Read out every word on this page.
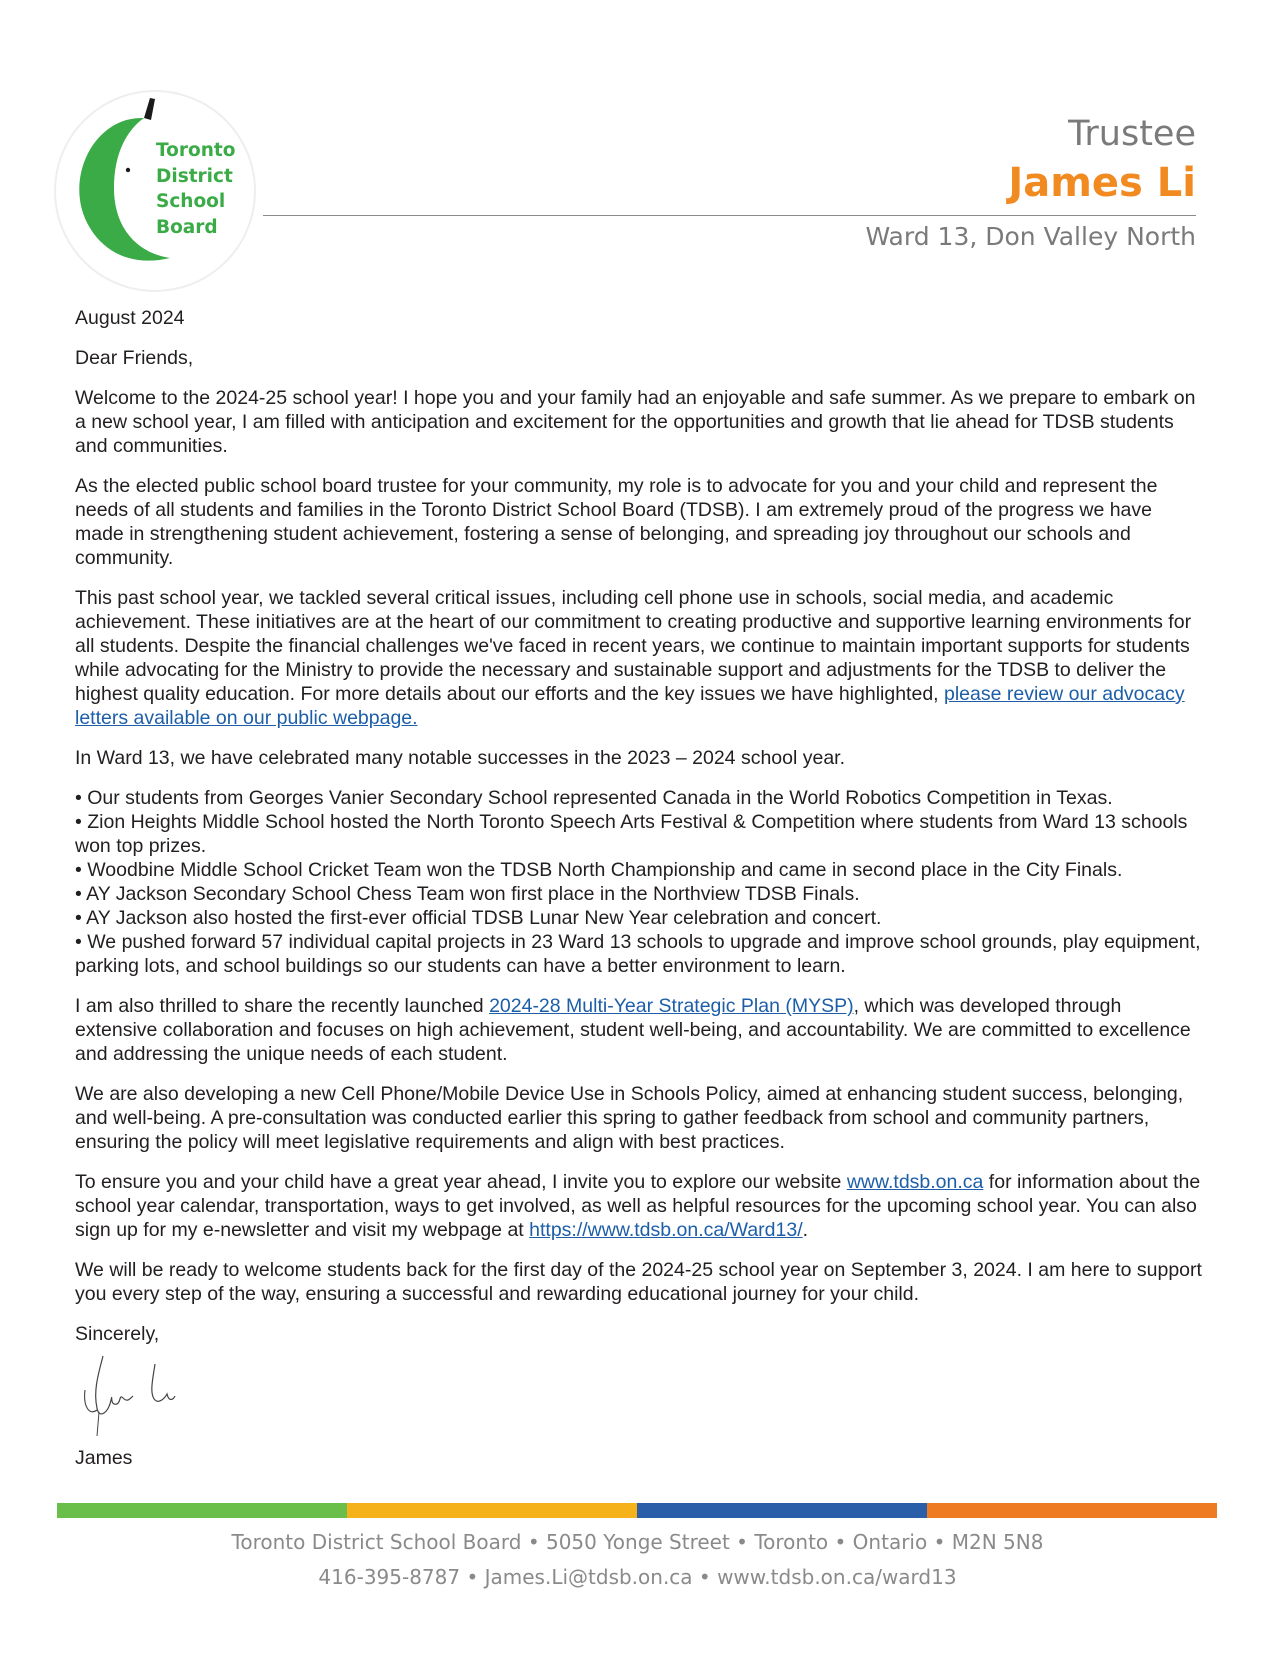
Toronto
District
School
Board
Trustee
James Li
Ward 13, Don Valley North

August 2024

Dear Friends,

Welcome to the 2024-25 school year! I hope you and your family had an enjoyable and safe summer. As we prepare to embark on a new school year, I am filled with anticipation and excitement for the opportunities and growth that lie ahead for TDSB students and communities.

As the elected public school board trustee for your community, my role is to advocate for you and your child and represent the needs of all students and families in the Toronto District School Board (TDSB). I am extremely proud of the progress we have made in strengthening student achievement, fostering a sense of belonging, and spreading joy throughout our schools and community.

This past school year, we tackled several critical issues, including cell phone use in schools, social media, and academic achievement. These initiatives are at the heart of our commitment to creating productive and supportive learning environments for all students. Despite the financial challenges we've faced in recent years, we continue to maintain important supports for students while advocating for the Ministry to provide the necessary and sustainable support and adjustments for the TDSB to deliver the highest quality education. For more details about our efforts and the key issues we have highlighted, please review our advocacy letters available on our public webpage.

In Ward 13, we have celebrated many notable successes in the 2023 – 2024 school year.

• Our students from Georges Vanier Secondary School represented Canada in the World Robotics Competition in Texas.
• Zion Heights Middle School hosted the North Toronto Speech Arts Festival & Competition where students from Ward 13 schools won top prizes.
• Woodbine Middle School Cricket Team won the TDSB North Championship and came in second place in the City Finals.
• AY Jackson Secondary School Chess Team won first place in the Northview TDSB Finals.
• AY Jackson also hosted the first-ever official TDSB Lunar New Year celebration and concert.
• We pushed forward 57 individual capital projects in 23 Ward 13 schools to upgrade and improve school grounds, play equipment, parking lots, and school buildings so our students can have a better environment to learn.

I am also thrilled to share the recently launched 2024-28 Multi-Year Strategic Plan (MYSP), which was developed through extensive collaboration and focuses on high achievement, student well-being, and accountability. We are committed to excellence and addressing the unique needs of each student.

We are also developing a new Cell Phone/Mobile Device Use in Schools Policy, aimed at enhancing student success, belonging, and well-being. A pre-consultation was conducted earlier this spring to gather feedback from school and community partners, ensuring the policy will meet legislative requirements and align with best practices.

To ensure you and your child have a great year ahead, I invite you to explore our website www.tdsb.on.ca for information about the school year calendar, transportation, ways to get involved, as well as helpful resources for the upcoming school year. You can also sign up for my e-newsletter and visit my webpage at https://www.tdsb.on.ca/Ward13/.

We will be ready to welcome students back for the first day of the 2024-25 school year on September 3, 2024. I am here to support you every step of the way, ensuring a successful and rewarding educational journey for your child.

Sincerely,
James
Toronto District School Board • 5050 Yonge Street • Toronto • Ontario • M2N 5N8
416-395-8787 • James.Li@tdsb.on.ca • www.tdsb.on.ca/ward13
